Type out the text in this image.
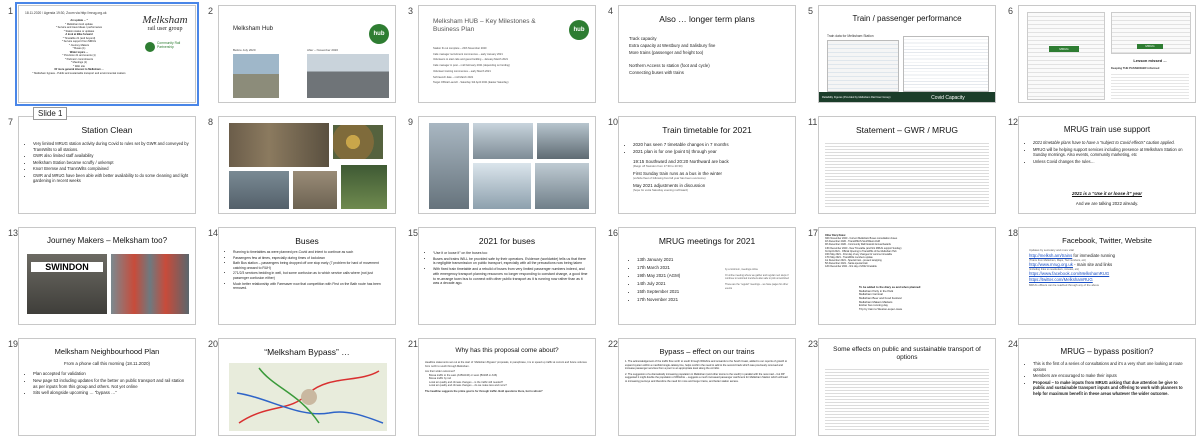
1	18.11.2020 / Agenda 19:30, Zoom via http://mrug.org.uk
Melksham
rail user group
Community Rail Partnership
An update ... *
* Melksham Hub update
* Service and travel ideas / performance
* Station status or updates
A look at Bike forward
* Timetable 21 (and beyond)
* Service support from MRUG
* Journey Makers
* Buses (1)
Wider topics ...
* Provision 21 and events (1)
* Partners' commitments
* Meetings (1)
* Web site
Of more general interest to Melksham ...
* Melksham bypass - Public and sustainable transport and environmental matters
Slide 1
2
Melksham Hub
Before July 2020	After – November 2020
hub
3
Melksham HUB – Key Milestones & Business Plan	hub
Station fit out complete – 20th November 2020
Cafe manager recruitment commences – early January 2021
Volunteers to start cafe and guest building – January-March 2021
Cafe manager in post – mid February 2021 (depending on funding)
Volunteer training commences – early March 2021
Soft launch date – mid March 2021
Target Official Launch - Saturday 3rd April 2021 (Easter Saturday)
4
Also … longer term plans
Track capacity
Extra capacity at Westbury and Salisbury fine
More trains (passenger and freight too)
Northern Access to station (foot and cycle)
Connecting buses with trains
5
Train / passenger performance
Train data for Melksham Station
Reliability Figures (Provided by Melksham Rail User Group)	Covid Capacity
6
MRUG
MRUG
Lesson missed ...
Keeping THE PASSENGER informed
7
Station Clean
• Very limited MRUG station activity during Covid to rules set by GWR and conveyed by TransWilts to all stations.
• GWR also limited staff availability
• Melksham Station became scruffy / unkempt
• Knorr Bremse and TransWilts complained
• GWR and MRUG have been able with better availability to do some cleaning and light gardening in recent weeks
8	9	10
Train timetable for 2021
• 2020 has seen 7 timetable changes in 7 months
• 2021 plan is for one (point 5) through year
19:15 Southward and 20:20 Northward are back
(Reign off Swindon from 17:30 to 20:30)
First Sunday train runs as a bus in the winter
(vehicle fleet of following bus fall year has been overcome)
May 2021 adjustments in discussion
(hope for extra Saturday evening northward)
11
Statement – GWR / MRUG
12
MRUG train use support
• 2021 timetable plans have to have a “subject to Covid effects” caution applied.
• MRUG will be helping support services including presence at Melksham Station on Sunday mornings. Also events, community marketing, etc
• Unless Covid changes the rules…
2021 is a “Use it or loose it” year
And we are talking 2022 already.
13
Journey Makers – Melksham too?
SWINDON
14
Buses
• Running to timetables as were planned pre-Covid and intent to continue as such
• Passengers few at times, especially during times of lockdown
• Bath Bus station – passengers being dropped off one stop early (7 problem for hard of movement catching onward to RUH)
• 271/2/3 services bedding in well, but some confusion as to which service calls where (not just passenger confusion either)
• Much better relationship with Faresaver now that competition with First on the Bath route has been removed.
15
2021 for buses
• “Use it or loose it” on the buses too
• Buses and trains WILL be provided safe by their operators. Evidence (worldwide) tells us that there is negligible transmission on public transport, especially with all the precautions now being taken
• With fixed train timetable and a rebuild of buses from very limited passenger numbers indeed, and with emergency transport planning resources no longer responding to constant change, a good time to re-arrange town bus to connect with other public transport as it is running now rather than as it was a decade ago.
16
MRUG meetings for 2021
• 13th January 2021
• 17th March 2021
• 19th May 2021 (AGM)
• 14th July 2021
• 15th September 2021
• 17th November 2021
by a minimum, meetings online
Or online meeting where we gather and regular next steps if continue to restricted members also safe to pick unrestricted
These are the “regular” meetings – we have pages for other events
17	Other Diary Dates:
30th November 2020 - Current Melksham Buses consultation closes
4th December 2020 - TransWilts/S.SouthWest AGM
9th December 2020 - Community Rail Network Annual Awards
13th December 2020 - New Timetable (and first MRUG support Sunday)
3rd April 2021 - Official Opening to TransWilts of the Melksham Hub
16th May 2021 - First day of any changes for summer timetable
17th May 2021 - TransWilts members update
1st December 2021 - Special train - present wrapping
5th December 2021 - Santa special train
12th December 2021 - first day of 2022 timetable
To be added to the diary as and when planned:
Melksham Party in the Park
Melksham Carnival
Melksham Beer and Food Festival
Melksham Makers Markets
Ember bus running day
Trip by train to Weston-super-mare
18
Facebook, Twitter, Website
Updates by secretary and more vital
http://melksh.am/trains for immediate running
(Trains from Melksham, Maps, Tool numbers, etc)
http://www.mrug.org.uk - main site and links
(including links to newsletters, minutes, etc)
https://www.facebook.com/MelkshamRUG
https://twitter.com/MelkshamRUG
MRUG officers can be reached through any of the above
19
Melksham Neighbourhood Plan
From a phone call this morning (18.11.2020)
• Plan accepted for validation
• New page 53 including updates for the better on public transport and rail station as per inputs from this group and others. Not yet online
• Sits well alongside upcoming … “bypass …”
20
“Melksham Bypass” …
21
Why has this proposal come about?
Headline statements set out at the start of “Melksham Bypass” proposals, in paraphrase, it is to speed up traffic at current and future volumes from north to south through Melksham.
Are their wider outcomes?
Bossa traffic to the east (A350/A46) or west (B3108 or A36)
Bossa traffic by rail
Local air quality and climate changes – is the traffic still needed?
Local air quality and climate changes – do we make less and more?
The headline suggests the prime goal is for through traffic. Bold questions there, but to whom?
22
Bypass – effect on our trains

1. The acknowledgement of the traffic flow north to south through Wiltshire and onwards to the South Coast, added to our reports of growth to expand system within a manifold single-railway line, helps confirm the need to add to the second track which was previously removed and increase passenger services from a poor to an appropriate level along the corridor.

2. The suggestion of a dramatically increasing population in Melksham (and other towns to the south) in parallel with the new road – but RP suggested it might double the population of Wiltshire – suggests a much increased passenger catchment for Melksham Station which will lead to increasing journeys and therefore the need for more and longer trains, and better station access.

23
Some effects on public and sustainable transport of options
24
MRUG – bypass position?
• This is the first of a series of consultations and it’s a very short one looking at route options
• Members are encouraged to make their inputs
• Proposal – to make inputs from MRUG asking that due attention be give to public and sustainable transport inputs and offering to work with planners to help for maximum benefit in these areas whatever the wider outcome.
